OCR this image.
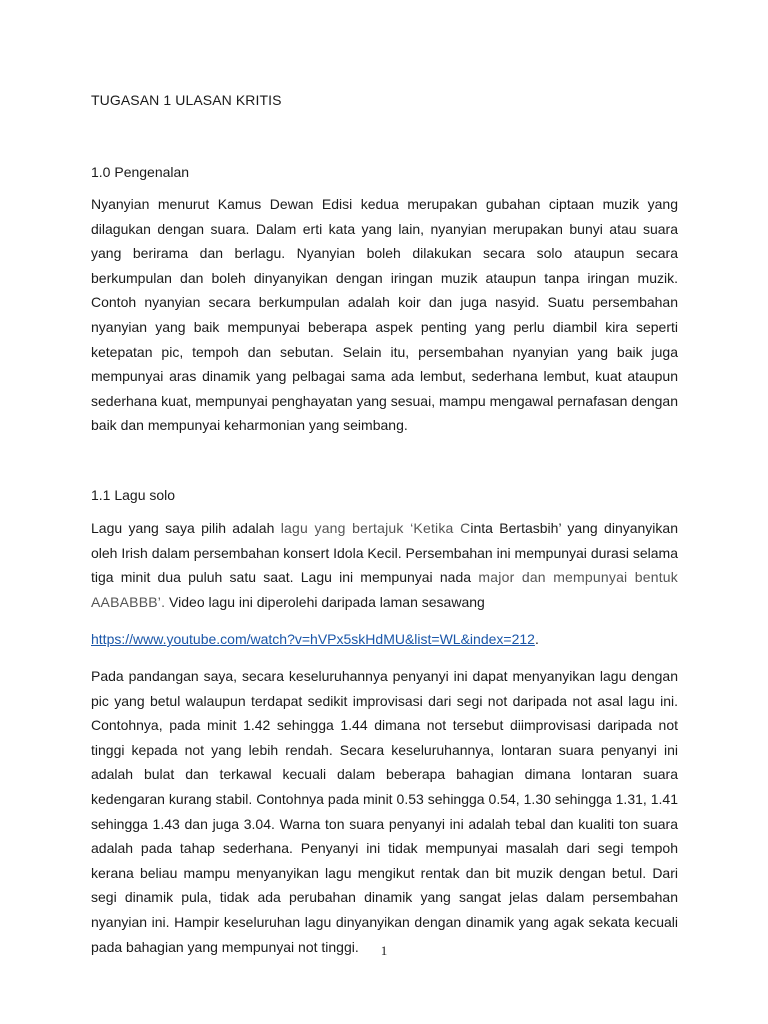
TUGASAN 1 ULASAN KRITIS
1.0 Pengenalan

Nyanyian menurut Kamus Dewan Edisi kedua merupakan gubahan ciptaan muzik yang dilagukan dengan suara. Dalam erti kata yang lain, nyanyian merupakan bunyi atau suara yang berirama dan berlagu. Nyanyian boleh dilakukan secara solo ataupun secara berkumpulan dan boleh dinyanyikan dengan iringan muzik ataupun tanpa iringan muzik. Contoh nyanyian secara berkumpulan adalah koir dan juga nasyid. Suatu persembahan nyanyian yang baik mempunyai beberapa aspek penting yang perlu diambil kira seperti ketepatan pic, tempoh dan sebutan. Selain itu, persembahan nyanyian yang baik juga mempunyai aras dinamik yang pelbagai sama ada lembut, sederhana lembut, kuat ataupun sederhana kuat, mempunyai penghayatan yang sesuai, mampu mengawal pernafasan dengan baik dan mempunyai keharmonian yang seimbang.

1.1 Lagu solo

Lagu yang saya pilih adalah lagu yang bertajuk ‘Ketika Cinta Bertasbih’ yang dinyanyikan oleh Irish dalam persembahan konsert Idola Kecil. Persembahan ini mempunyai durasi selama tiga minit dua puluh satu saat. Lagu ini mempunyai nada major dan mempunyai bentuk AABABBB’. Video lagu ini diperolehi daripada laman sesawang

https://www.youtube.com/watch?v=hVPx5skHdMU&list=WL&index=212.

Pada pandangan saya, secara keseluruhannya penyanyi ini dapat menyanyikan lagu dengan pic yang betul walaupun terdapat sedikit improvisasi dari segi not daripada not asal lagu ini. Contohnya, pada minit 1.42 sehingga 1.44 dimana not tersebut diimprovisasi daripada not tinggi kepada not yang lebih rendah. Secara keseluruhannya, lontaran suara penyanyi ini adalah bulat dan terkawal kecuali dalam beberapa bahagian dimana lontaran suara kedengaran kurang stabil. Contohnya pada minit 0.53 sehingga 0.54, 1.30 sehingga 1.31, 1.41 sehingga 1.43 dan juga 3.04. Warna ton suara penyanyi ini adalah tebal dan kualiti ton suara adalah pada tahap sederhana. Penyanyi ini tidak mempunyai masalah dari segi tempoh kerana beliau mampu menyanyikan lagu mengikut rentak dan bit muzik dengan betul. Dari segi dinamik pula, tidak ada perubahan dinamik yang sangat jelas dalam persembahan nyanyian ini. Hampir keseluruhan lagu dinyanyikan dengan dinamik yang agak sekata kecuali pada bahagian yang mempunyai not tinggi.	1
